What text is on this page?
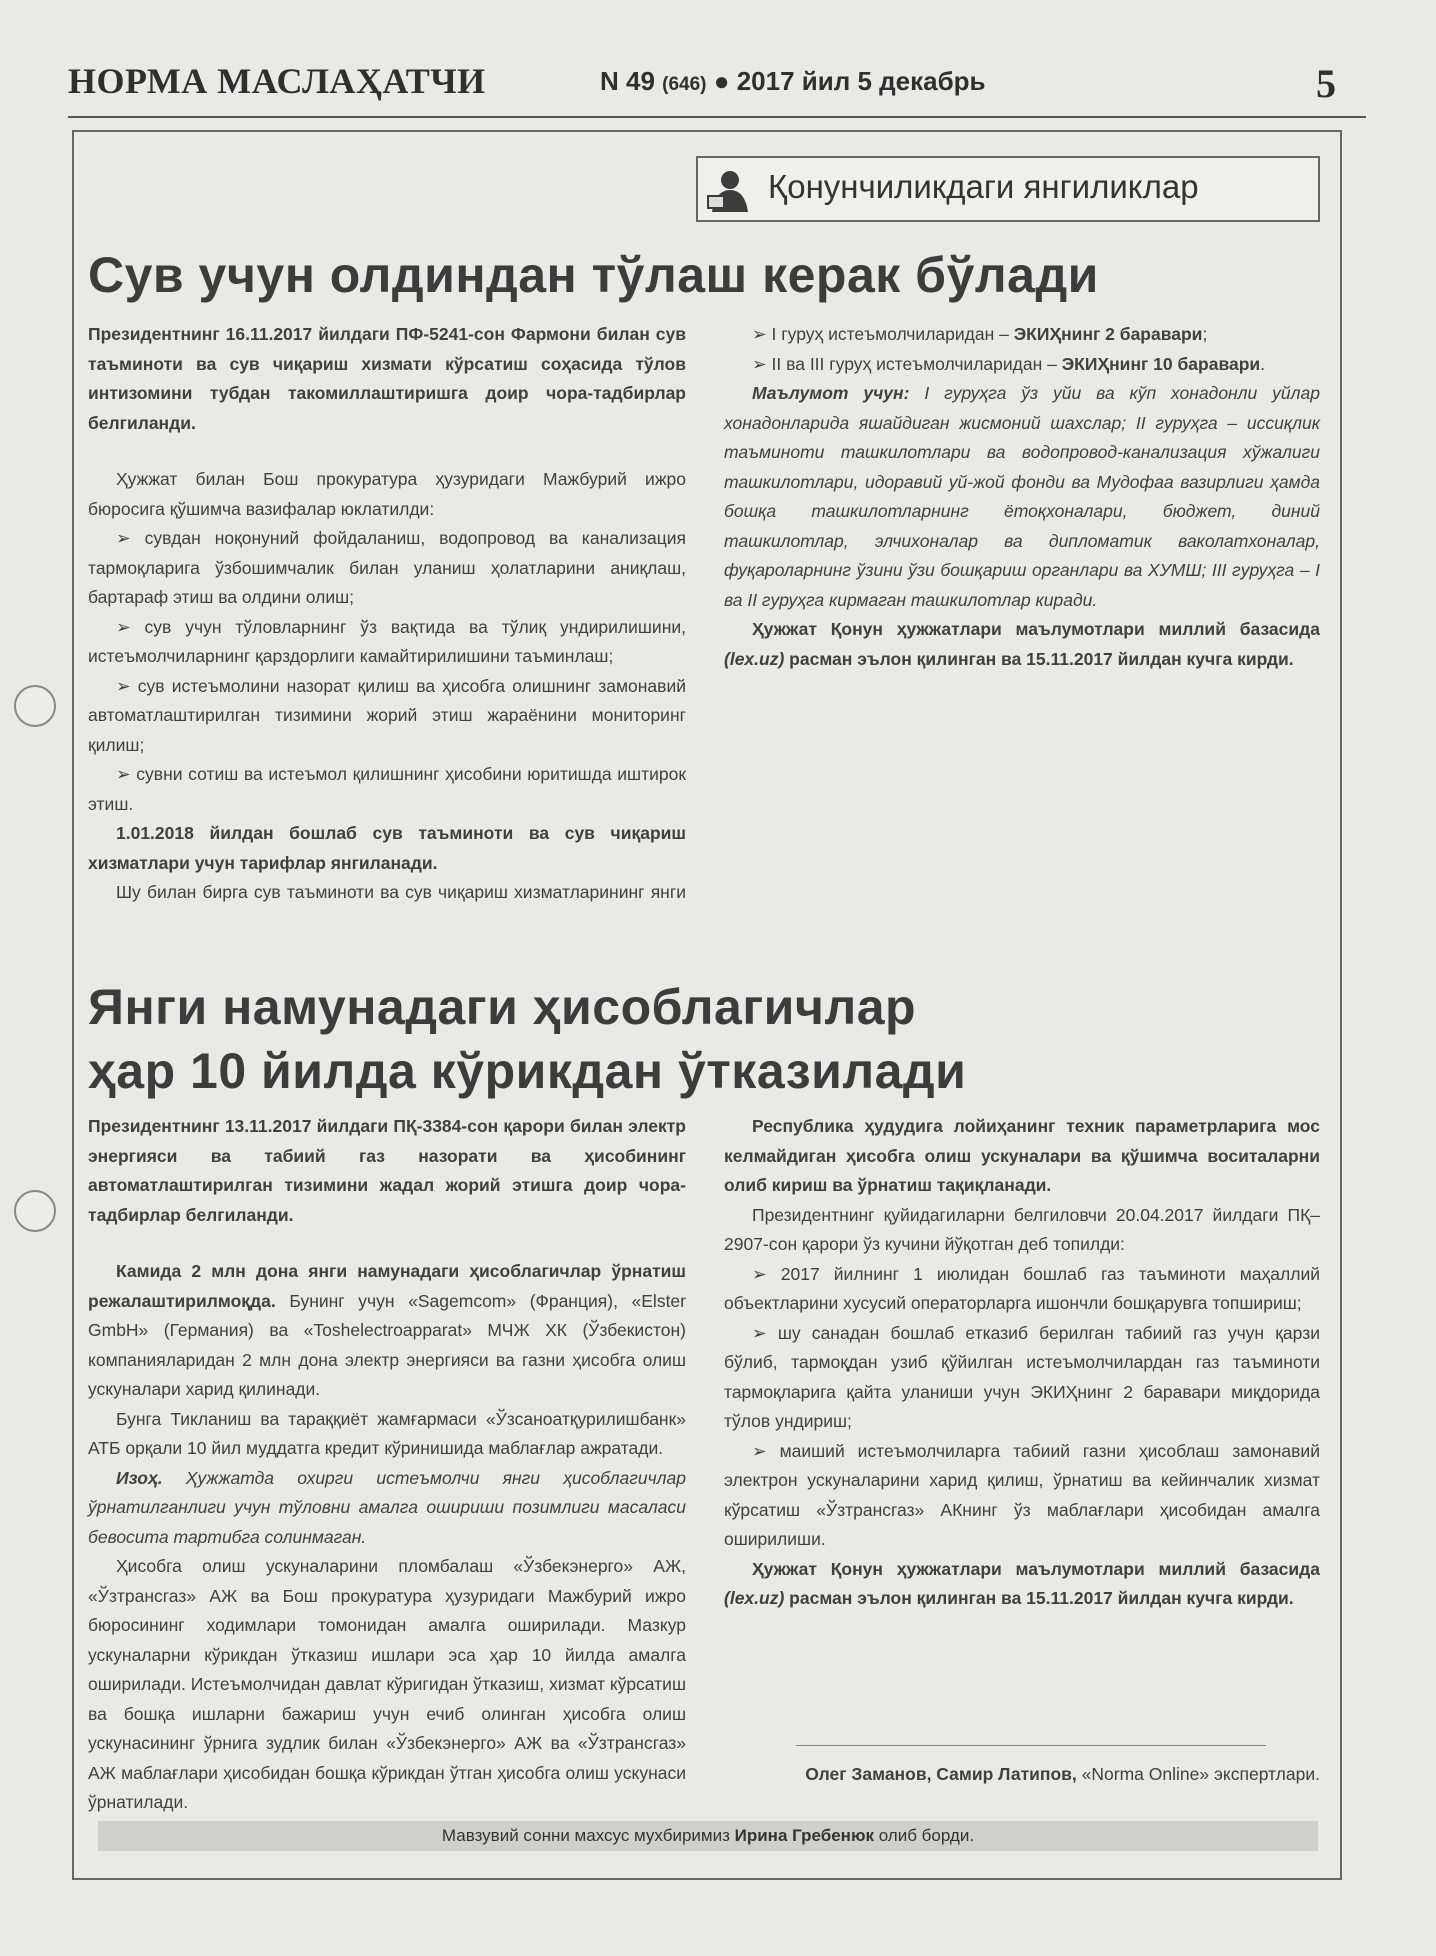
НОРМА МАСЛАҲАТЧИ	N 49 (646) ● 2017 йил 5 декабрь	5
Қонунчиликдаги янгиликлар
Сув учун олдиндан тўлаш керак бўлади

Президентнинг 16.11.2017 йилдаги ПФ-5241-сон Фармони билан сув таъминоти ва сув чиқариш хизмати кўрсатиш соҳасида тўлов интизомини тубдан такомиллаштиришга доир чора-тадбирлар белгиланди.

Ҳужжат билан Бош прокуратура ҳузуридаги Мажбурий ижро бюросига қўшимча вазифалар юклатилди:

➢ сувдан ноқонуний фойдаланиш, водопровод ва канализация тармоқларига ўзбошимчалик билан уланиш ҳолатларини аниқлаш, бартараф этиш ва олдини олиш;

➢ сув учун тўловларнинг ўз вақтида ва тўлиқ ундирилишини, истеъмолчиларнинг қарздорлиги камайтирилишини таъминлаш;

➢ сув истеъмолини назорат қилиш ва ҳисобга олишнинг замонавий автоматлаштирилган тизимини жорий этиш жараёнини мониторинг қилиш;

➢ сувни сотиш ва истеъмол қилишнинг ҳисобини юритишда иштирок этиш.

1.01.2018 йилдан бошлаб сув таъминоти ва сув чиқариш хизматлари учун тарифлар янгиланади.

Шу билан бирга сув таъминоти ва сув чиқариш хизматларининг янги

➢ I гуруҳ истеъмолчиларидан – ЭКИҲнинг 2 баравари;

➢ II ва III гуруҳ истеъмолчиларидан – ЭКИҲнинг 10 баравари.

Маълумот учун: I гуруҳга ўз уйи ва кўп хонадонли уйлар хонадонларида яшайдиган жисмоний шахслар; II гуруҳга – иссиқлик таъминоти ташкилотлари ва водопровод-канализация хўжалиги ташкилотлари, идоравий уй-жой фонди ва Мудофаа вазирлиги ҳамда бошқа ташкилотларнинг ётоқхоналари, бюджет, диний ташкилотлар, элчихоналар ва дипломатик ваколатхоналар, фуқароларнинг ўзини ўзи бошқариш органлари ва ХУМШ; III гуруҳга – I ва II гуруҳга кирмаган ташкилотлар киради.

Ҳужжат Қонун ҳужжатлари маълумотлари миллий базасида (lex.uz) расман эълон қилинган ва 15.11.2017 йилдан кучга кирди.

Янги намунадаги ҳисоблагичлар
ҳар 10 йилда кўрикдан ўтказилади

Президентнинг 13.11.2017 йилдаги ПҚ-3384-сон қарори билан электр энергияси ва табиий газ назорати ва ҳисобининг автоматлаштирилган тизимини жадал жорий этишга доир чора-тадбирлар белгиланди.

Камида 2 млн дона янги намунадаги ҳисоблагичлар ўрнатиш режалаштирилмоқда. Бунинг учун «Sagemcom» (Франция), «Elster GmbH» (Германия) ва «Toshelectroapparat» МЧЖ ХК (Ўзбекистон) компанияларидан 2 млн дона электр энергияси ва газни ҳисобга олиш ускуналари харид қилинади.

Бунга Тикланиш ва тараққиёт жамғармаси «Ўзсаноатқурилишбанк» АТБ орқали 10 йил муддатга кредит кўринишида маблағлар ажратади.

Изоҳ. Ҳужжатда охирги истеъмолчи янги ҳисоблагичлар ўрнатилганлиги учун тўловни амалга ошириши позимлиги масаласи бевосита тартибга солинмаган.

Ҳисобга олиш ускуналарини пломбалаш «Ўзбекэнерго» АЖ, «Ўзтрансгаз» АЖ ва Бош прокуратура ҳузуридаги Мажбурий ижро бюросининг ходимлари томонидан амалга оширилади. Мазкур ускуналарни кўрикдан ўтказиш ишлари эса ҳар 10 йилда амалга оширилади. Истеъмолчидан давлат кўригидан ўтказиш, хизмат кўрсатиш ва бошқа ишларни бажариш учун ечиб олинган ҳисобга олиш ускунасининг ўрнига зудлик билан «Ўзбекэнерго» АЖ ва «Ўзтрансгаз» АЖ маблағлари ҳисобидан бошқа кўрикдан ўтган ҳисобга олиш ускунаси ўрнатилади.

Республика ҳудудига лойиҳанинг техник параметрларига мос келмайдиган ҳисобга олиш ускуналари ва қўшимча воситаларни олиб кириш ва ўрнатиш тақиқланади.

Президентнинг қуйидагиларни белгиловчи 20.04.2017 йилдаги ПҚ–2907-сон қарори ўз кучини йўқотган деб топилди:

➢ 2017 йилнинг 1 июлидан бошлаб газ таъминоти маҳаллий объектларини хусусий операторларга ишончли бошқарувга топшириш;

➢ шу санадан бошлаб етказиб берилган табиий газ учун қарзи бўлиб, тармоқдан узиб қўйилган истеъмолчилардан газ таъминоти тармоқларига қайта уланиши учун ЭКИҲнинг 2 баравари миқдорида тўлов ундириш;

➢ маиший истеъмолчиларга табиий газни ҳисоблаш замонавий электрон ускуналарини харид қилиш, ўрнатиш ва кейинчалик хизмат кўрсатиш «Ўзтрансгаз» АКнинг ўз маблағлари ҳисобидан амалга оширилиши.

Ҳужжат Қонун ҳужжатлари маълумотлари миллий базасида (lex.uz) расман эълон қилинган ва 15.11.2017 йилдан кучга кирди.

Олег Заманов, Самир Латипов, «Norma Online» экспертлари.
Мавзувий сонни махсус мухбиримиз Ирина Гребенюк олиб борди.
